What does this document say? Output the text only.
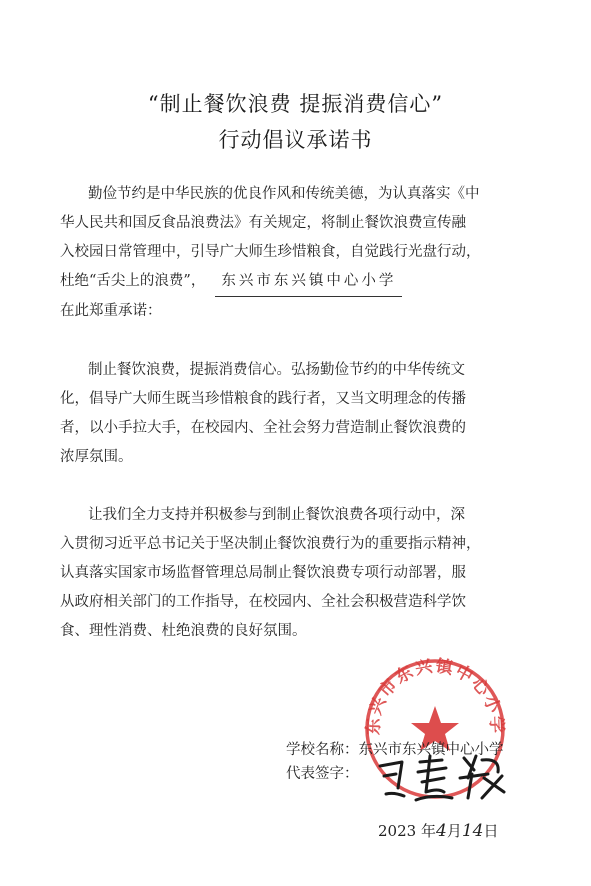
“制止餐饮浪费 提振消费信心”
行动倡议承诺书
勤俭节约是中华民族的优良作风和传统美德，为认真落实《中
华人民共和国反食品浪费法》有关规定，将制止餐饮浪费宣传融
入校园日常管理中，引导广大师生珍惜粮食，自觉践行光盘行动，
杜绝“舌尖上的浪费”， 东兴市东兴镇中心小学
在此郑重承诺：
制止餐饮浪费，提振消费信心。弘扬勤俭节约的中华传统文
化，倡导广大师生既当珍惜粮食的践行者，又当文明理念的传播
者，以小手拉大手，在校园内、全社会努力营造制止餐饮浪费的
浓厚氛围。
让我们全力支持并积极参与到制止餐饮浪费各项行动中，深
入贯彻习近平总书记关于坚决制止餐饮浪费行为的重要指示精神，
认真落实国家市场监督管理总局制止餐饮浪费专项行动部署，服
从政府相关部门的工作指导，在校园内、全社会积极营造科学饮
食、理性消费、杜绝浪费的良好氛围。
东兴市东兴镇中心小学
学校名称：东兴市东兴镇中心小学
代表签字：
2023 年4月14日
